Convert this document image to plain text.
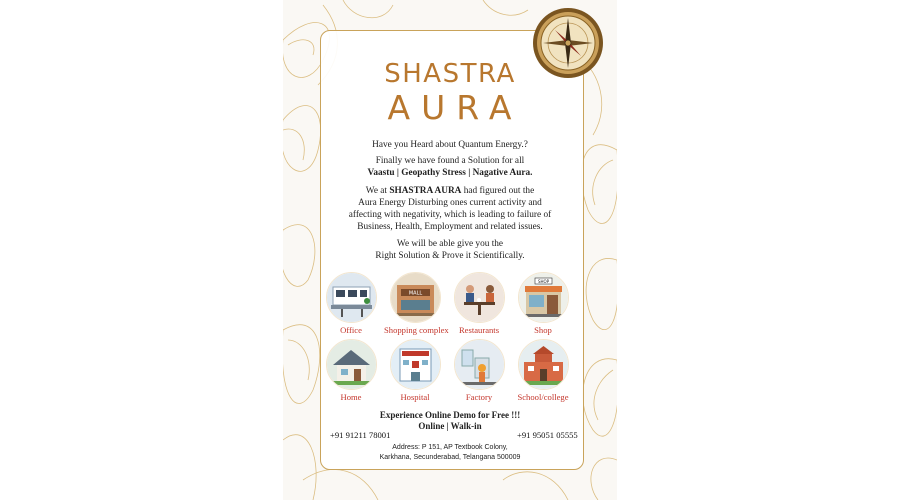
SHASTRA
AURA
Have you Heard about Quantum Energy.?
Finally we have found a Solution for all
Vaastu | Geopathy Stress | Nagative Aura.
We at SHASTRA AURA had figured out the
Aura Energy Disturbing ones current activity and
affecting with negativity, which is leading to failure of
Business, Health, Employment and related issues.
We will be able give you the
Right Solution & Prove it Scientifically.
Office
MALL
Shopping complex	Restaurants
SHOP
Shop
Home	Hospital	Factory	School/college
Experience Online Demo for Free !!!
Online | Walk-in
+91 91211 78001	+91 95051 05555
Address: P 151, AP Textbook Colony,
Karkhana, Secunderabad, Telangana 500009
